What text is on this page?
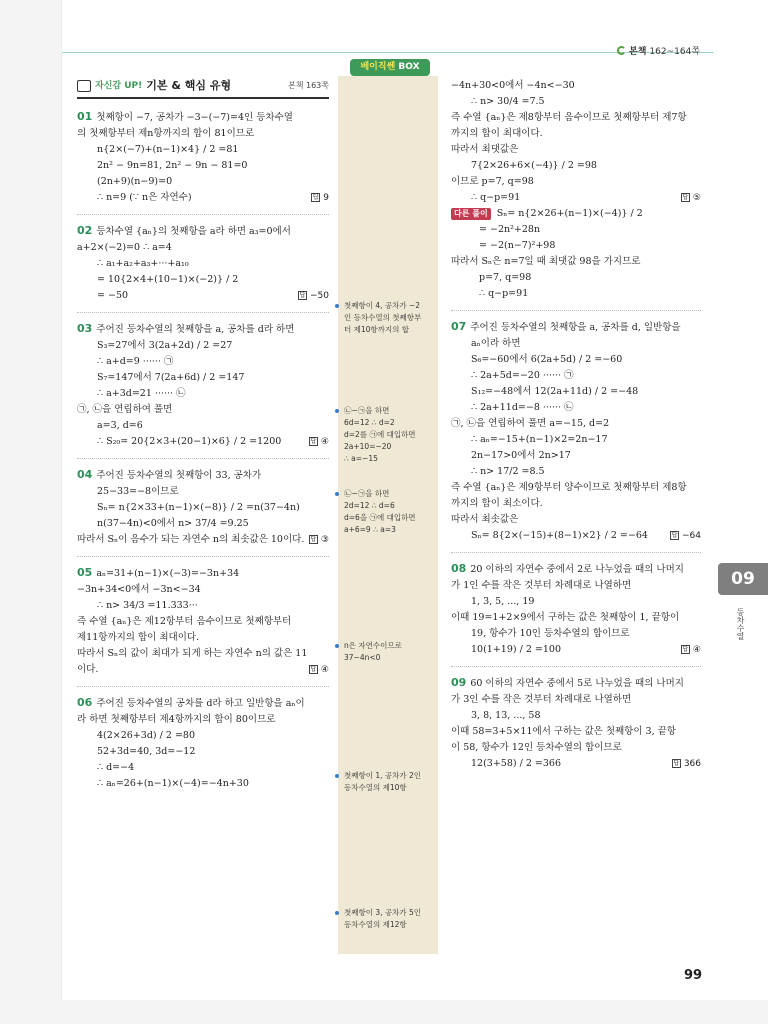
본책 162~164쪽
베이직쎈 BOX
자신감 UP! 기본 & 핵심 유형	본책 163쪽
01 첫째항이 −7, 공차가 −3−(−7)=4인 등차수열
의 첫째항부터 제n항까지의 합이 81이므로
n{2×(−7)+(n−1)×4} / 2 =81
2n² − 9n=81, 2n² − 9n − 81=0
(2n+9)(n−9)=0
∴ n=9 (∵ n은 자연수)	답 9
02 등차수열 {aₙ}의 첫째항을 a라 하면 a₃=0에서
a+2×(−2)=0 ∴ a=4
∴ a₁+a₂+a₃+···+a₁₀
= 10{2×4+(10−1)×(−2)} / 2
= −50	답 −50
03 주어진 등차수열의 첫째항을 a, 공차를 d라 하면
S₃=27에서 3(2a+2d) / 2 =27
∴ a+d=9 ······ ㉠
S₇=147에서 7(2a+6d) / 2 =147
∴ a+3d=21 ······ ㉡
㉠, ㉡을 연립하여 풀면
a=3, d=6
∴ S₂₀= 20{2×3+(20−1)×6} / 2 =1200	답 ④
04 주어진 등차수열의 첫째항이 33, 공차가
25−33=−8이므로
Sₙ= n{2×33+(n−1)×(−8)} / 2 =n(37−4n)
n(37−4n)<0에서 n> 37/4 =9.25
따라서 Sₙ이 음수가 되는 자연수 n의 최솟값은 10이다. 답 ③
05 aₙ=31+(n−1)×(−3)=−3n+34
−3n+34<0에서 −3n<−34
∴ n> 34/3 =11.333···
즉 수열 {aₙ}은 제12항부터 음수이므로 첫째항부터
제11항까지의 합이 최대이다.
따라서 Sₙ의 값이 최대가 되게 하는 자연수 n의 값은 11
이다.	답 ④
06 주어진 등차수열의 공차를 d라 하고 일반항을 aₙ이
라 하면 첫째항부터 제4항까지의 합이 80이므로
4(2×26+3d) / 2 =80
52+3d=40, 3d=−12
∴ d=−4
∴ aₙ=26+(n−1)×(−4)=−4n+30
−4n+30<0에서 −4n<−30
∴ n> 30/4 =7.5
즉 수열 {aₙ}은 제8항부터 음수이므로 첫째항부터 제7항
까지의 합이 최대이다.
따라서 최댓값은
7{2×26+6×(−4)} / 2 =98
이므로 p=7, q=98
∴ q−p=91	답 ⑤
다른 풀이 Sₙ= n{2×26+(n−1)×(−4)} / 2
= −2n²+28n
= −2(n−7)²+98
따라서 Sₙ은 n=7일 때 최댓값 98을 가지므로
p=7, q=98
∴ q−p=91
07 주어진 등차수열의 첫째항을 a, 공차를 d, 일반항을
aₙ이라 하면
S₆=−60에서 6(2a+5d) / 2 =−60
∴ 2a+5d=−20 ······ ㉠
S₁₂=−48에서 12(2a+11d) / 2 =−48
∴ 2a+11d=−8 ······ ㉡
㉠, ㉡을 연립하여 풀면 a=−15, d=2
∴ aₙ=−15+(n−1)×2=2n−17
2n−17>0에서 2n>17
∴ n> 17/2 =8.5
즉 수열 {aₙ}은 제9항부터 양수이므로 첫째항부터 제8항
까지의 합이 최소이다.
따라서 최솟값은
Sₙ= 8{2×(−15)+(8−1)×2} / 2 =−64	답 −64
08 20 이하의 자연수 중에서 2로 나누었을 때의 나머지
가 1인 수를 작은 것부터 차례대로 나열하면
1, 3, 5, ..., 19
이때 19=1+2×9에서 구하는 값은 첫째항이 1, 끝항이
19, 항수가 10인 등차수열의 합이므로
10(1+19) / 2 =100	답 ④
09 60 이하의 자연수 중에서 5로 나누었을 때의 나머지
가 3인 수를 작은 것부터 차례대로 나열하면
3, 8, 13, ..., 58
이때 58=3+5×11에서 구하는 값은 첫째항이 3, 끝항
이 58, 항수가 12인 등차수열의 합이므로
12(3+58) / 2 =366	답 366
첫째항이 4, 공차가 −2
인 등차수열의 첫째항부
터 제10항까지의 합
㉡−㉠을 하면
6d=12 ∴ d=2
d=2를 ㉠에 대입하면
2a+10=−20
∴ a=−15
㉡−㉠을 하면
2d=12 ∴ d=6
d=6을 ㉠에 대입하면
a+6=9 ∴ a=3
n은 자연수이므로
37−4n<0
첫째항이 1, 공차가 2인
등차수열의 제10항
첫째항이 3, 공차가 5인
등차수열의 제12항
09
등차수열
99
